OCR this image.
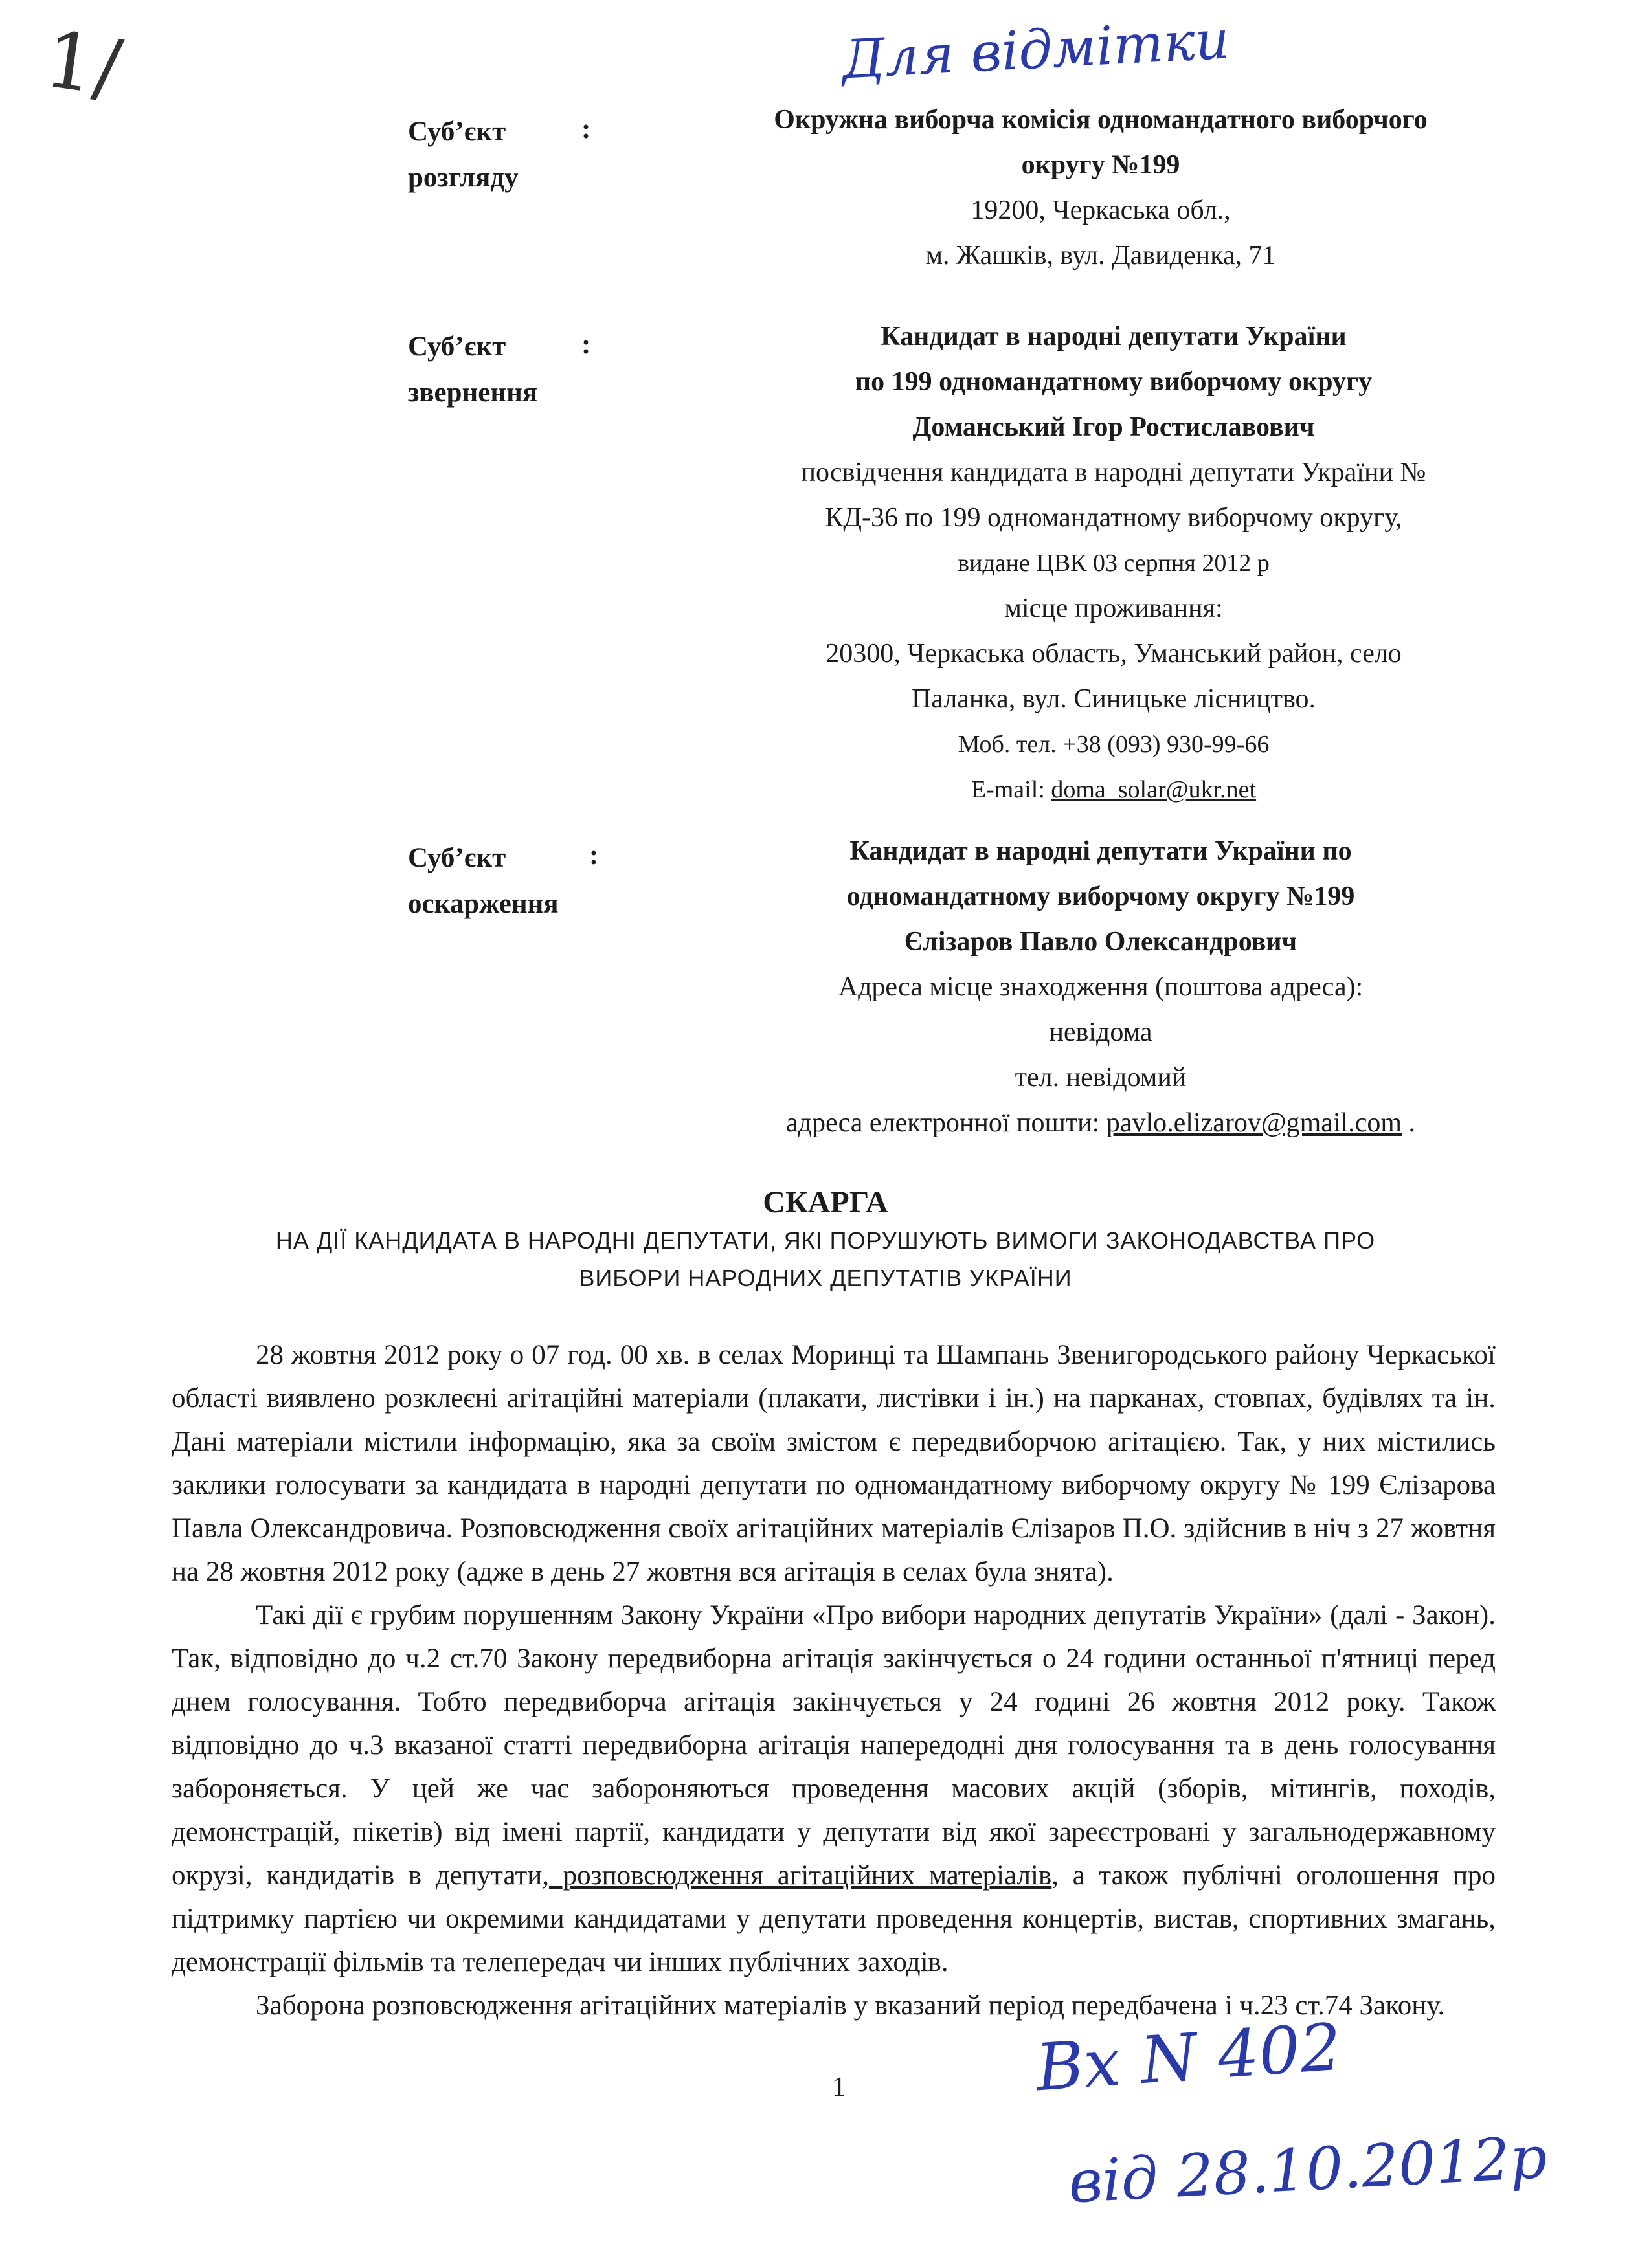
1/	Для відмітки
Суб’єкт
розгляду
:	Окружна виборча комісія одномандатного виборчого
округу №199
19200, Черкаська обл.,
м. Жашків, вул. Давиденка, 71
Суб’єкт
звернення
:	Кандидат в народні депутати України
по 199 одномандатному виборчому округу
Доманський Ігор Ростиславович
посвідчення кандидата в народні депутати України №
КД-36 по 199 одномандатному виборчому округу,
видане ЦВК 03 серпня 2012 р
місце проживання:
20300, Черкаська область, Уманський район, село
Паланка, вул. Синицьке лісництво.
Моб. тел. +38 (093) 930-99-66
E-mail: doma_solar@ukr.net
Суб’єкт
оскарження
:	Кандидат в народні депутати України по
одномандатному виборчому округу №199
Єлізаров Павло Олександрович
Адреса місце знаходження (поштова адреса):
невідома
тел. невідомий
адреса електронної пошти: pavlo.elizarov@gmail.com .
СКАРГА
НА ДІЇ КАНДИДАТА В НАРОДНІ ДЕПУТАТИ, ЯКІ ПОРУШУЮТЬ ВИМОГИ ЗАКОНОДАВСТВА ПРО
ВИБОРИ НАРОДНИХ ДЕПУТАТІВ УКРАЇНИ

28 жовтня 2012 року о 07 год. 00 хв. в селах Моринці та Шампань Звенигородського району Черкаської області виявлено розклеєні агітаційні матеріали (плакати, листівки і ін.) на парканах, стовпах, будівлях та ін. Дані матеріали містили інформацію, яка за своїм змістом є передвиборчою агітацією. Так, у них містились заклики голосувати за кандидата в народні депутати по одномандатному виборчому округу № 199 Єлізарова Павла Олександровича. Розповсюдження своїх агітаційних матеріалів Єлізаров П.О. здійснив в ніч з 27 жовтня на 28 жовтня 2012 року (адже в день 27 жовтня вся агітація в селах була знята).

Такі дії є грубим порушенням Закону України «Про вибори народних депутатів України» (далі - Закон). Так, відповідно до ч.2 ст.70 Закону передвиборна агітація закінчується о 24 години останньої п'ятниці перед днем голосування. Тобто передвиборча агітація закінчується у 24 годині 26 жовтня 2012 року. Також відповідно до ч.3 вказаної статті передвиборна агітація напередодні дня голосування та в день голосування забороняється. У цей же час забороняються проведення масових акцій (зборів, мітингів, походів, демонстрацій, пікетів) від імені партії, кандидати у депутати від якої зареєстровані у загальнодержавному окрузі, кандидатів в депутати, розповсюдження агітаційних матеріалів, а також публічні оголошення про підтримку партією чи окремими кандидатами у депутати проведення концертів, вистав, спортивних змагань, демонстрації фільмів та телепередач чи інших публічних заходів.

Заборона розповсюдження агітаційних матеріалів у вказаний період передбачена і ч.23 ст.74 Закону.

1	Вх N 402
від 28.10.2012р
